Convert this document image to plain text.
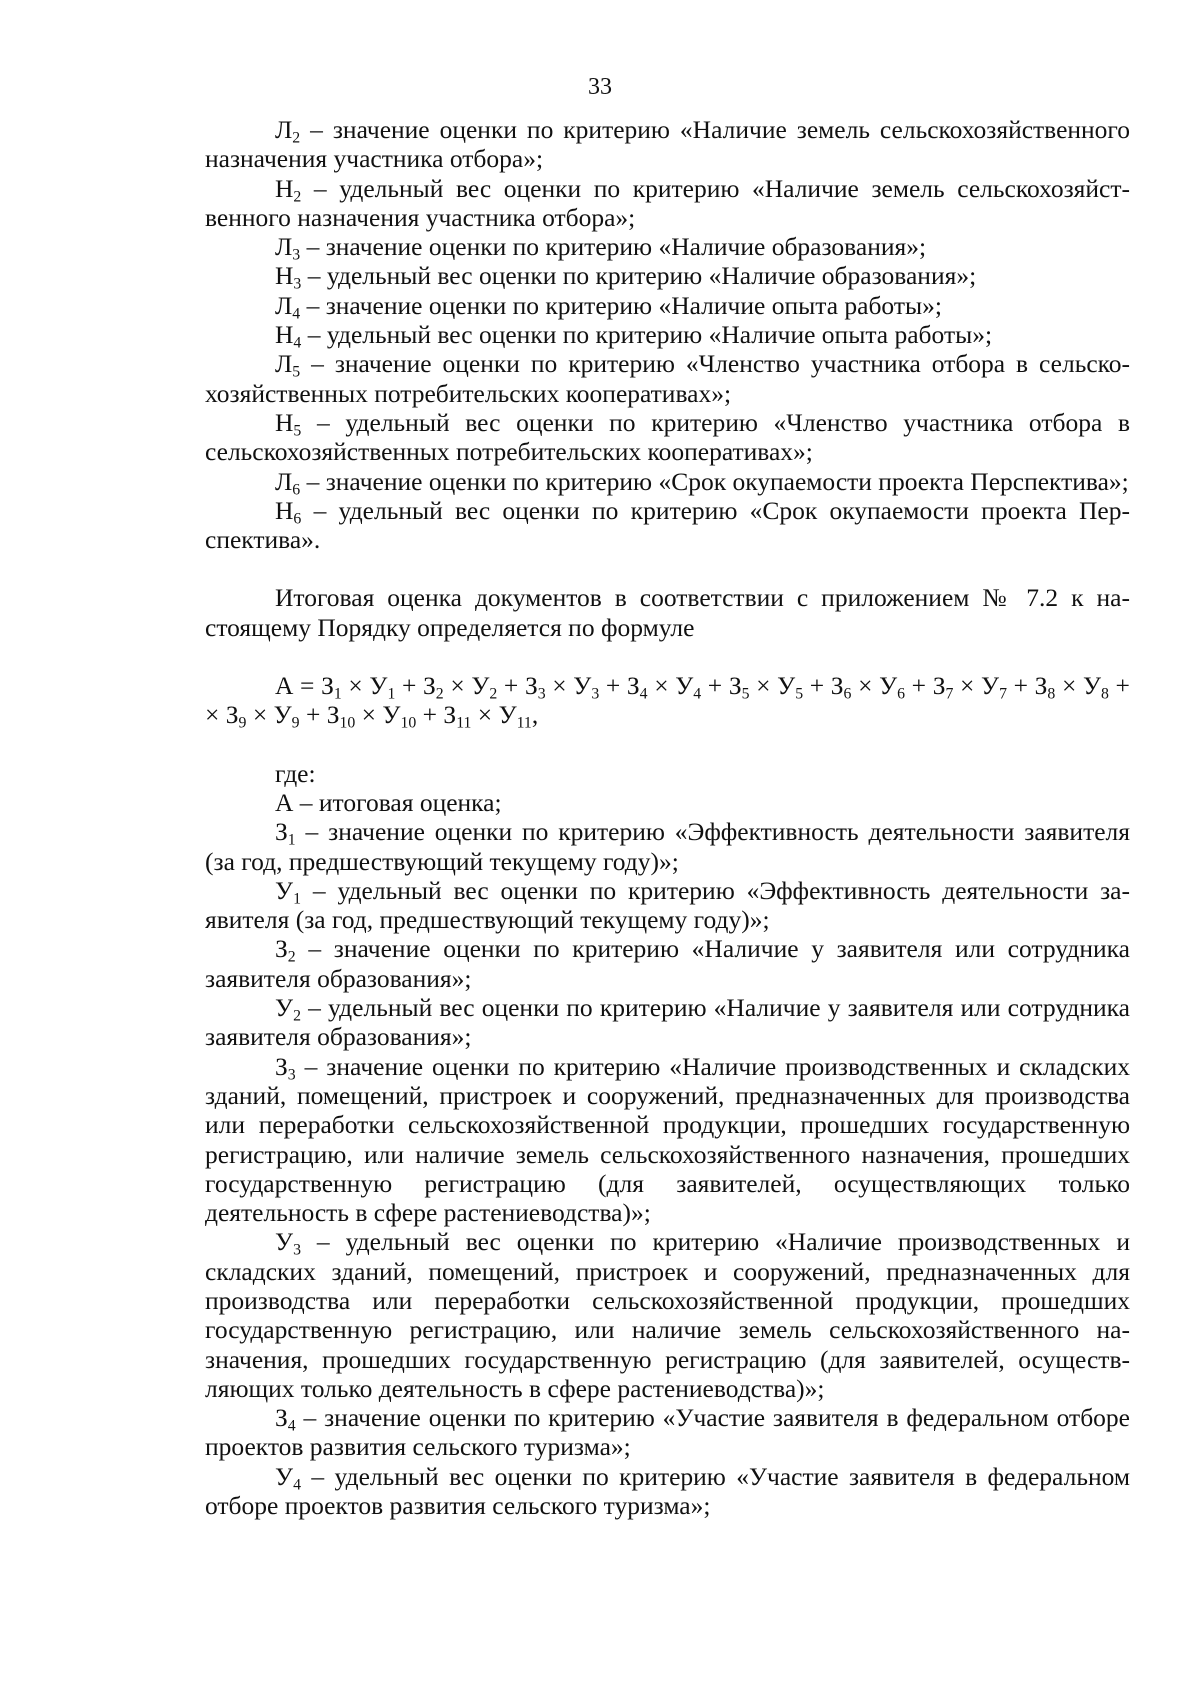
33

$Л_2$ – значение оценки по критерию «Наличие земель сельскохозяйственного назначения участника отбора»;

$Н_2$ – удельный вес оценки по критерию «Наличие земель сельскохозяйственного назначения участника отбора»;

$Л_3$ – значение оценки по критерию «Наличие образования»;

$Н_3$ – удельный вес оценки по критерию «Наличие образования»;

$Л_4$ – значение оценки по критерию «Наличие опыта работы»;

$Н_4$ – удельный вес оценки по критерию «Наличие опыта работы»;

$Л_5$ – значение оценки по критерию «Членство участника отбора в сельскохозяйственных потребительских кооперативах»;

$Н_5$ – удельный вес оценки по критерию «Членство участника отбора в сельскохозяйственных потребительских кооперативах»;

$Л_6$ – значение оценки по критерию «Срок окупаемости проекта Перспектива»;

$Н_6$ – удельный вес оценки по критерию «Срок окупаемости проекта Перспектива».

Итоговая оценка документов в соответствии с приложением № 7.2 к настоящему Порядку определяется по формуле

$А = З_1 \times У_1 + З_2 \times У_2 + З_3 \times У_3 + З_4 \times У_4 + З_5 \times У_5 + З_6 \times У_6 + З_7 \times У_7 + З_8 \times У_8$ + × $З_9 \times У_9 + З_{10} \times У_{10} + З_{11} \times У_{11}$,

где:

А – итоговая оценка;

$З_1$ – значение оценки по критерию «Эффективность деятельности заявителя (за год, предшествующий текущему году)»;

$У_1$ – удельный вес оценки по критерию «Эффективность деятельности заявителя (за год, предшествующий текущему году)»;

$З_2$ – значение оценки по критерию «Наличие у заявителя или сотрудника заявителя образования»;

$У_2$ – удельный вес оценки по критерию «Наличие у заявителя или сотрудника заявителя образования»;

$З_3$ – значение оценки по критерию «Наличие производственных и складских зданий, помещений, пристроек и сооружений, предназначенных для производства или переработки сельскохозяйственной продукции, прошедших государственную регистрацию, или наличие земель сельскохозяйственного назначения, прошедших государственную регистрацию (для заявителей, осуществляющих только деятельность в сфере растениеводства)»;

$У_3$ – удельный вес оценки по критерию «Наличие производственных и складских зданий, помещений, пристроек и сооружений, предназначенных для производства или переработки сельскохозяйственной продукции, прошедших государственную регистрацию, или наличие земель сельскохозяйственного назначения, прошедших государственную регистрацию (для заявителей, осуществляющих только деятельность в сфере растениеводства)»;

$З_4$ – значение оценки по критерию «Участие заявителя в федеральном отборе проектов развития сельского туризма»;

$У_4$ – удельный вес оценки по критерию «Участие заявителя в федеральном отборе проектов развития сельского туризма»;
